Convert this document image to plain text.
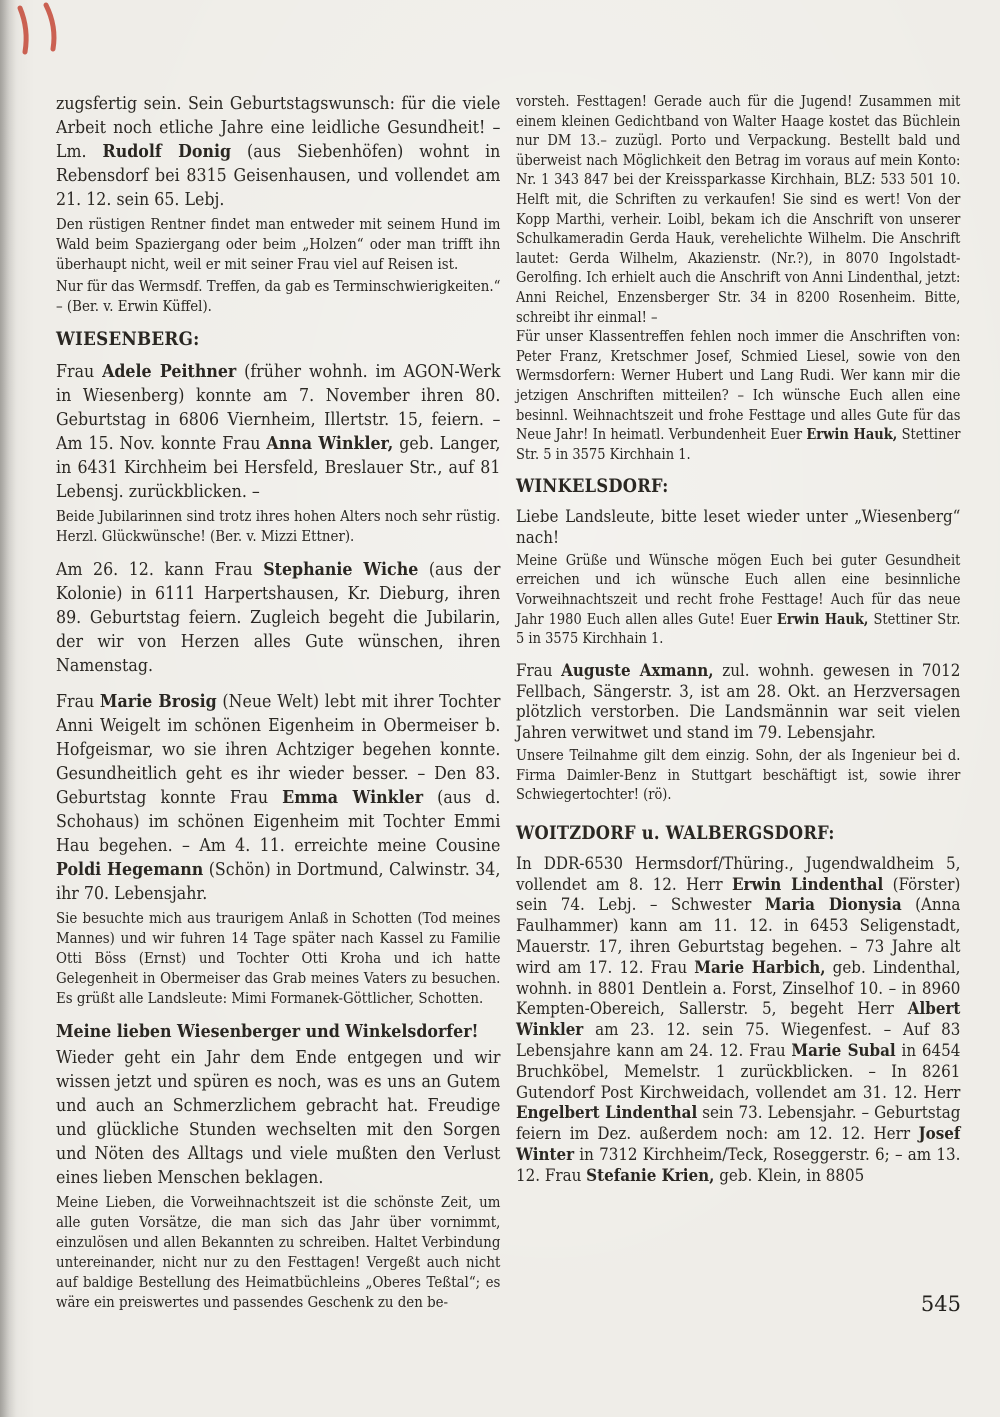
zugsfertig sein. Sein Geburtstagswunsch: für die viele Arbeit noch etliche Jahre eine leidliche Gesundheit! – Lm. Rudolf Donig (aus Siebenhöfen) wohnt in Rebensdorf bei 8315 Geisenhausen, und vollendet am 21. 12. sein 65. Lebj.

Den rüstigen Rentner findet man entweder mit seinem Hund im Wald beim Spaziergang oder beim „Holzen“ oder man trifft ihn überhaupt nicht, weil er mit seiner Frau viel auf Reisen ist.

Nur für das Wermsdf. Treffen, da gab es Terminschwierigkeiten.“ – (Ber. v. Erwin Küffel).

WIESENBERG:

Frau Adele Peithner (früher wohnh. im AGON-Werk in Wiesenberg) konnte am 7. November ihren 80. Geburtstag in 6806 Viernheim, Illertstr. 15, feiern. – Am 15. Nov. konnte Frau Anna Winkler, geb. Langer, in 6431 Kirchheim bei Hersfeld, Breslauer Str., auf 81 Lebensj. zurückblicken. –

Beide Jubilarinnen sind trotz ihres hohen Alters noch sehr rüstig. Herzl. Glückwünsche! (Ber. v. Mizzi Ettner).

Am 26. 12. kann Frau Stephanie Wiche (aus der Kolonie) in 6111 Harpertshausen, Kr. Dieburg, ihren 89. Geburtstag feiern. Zugleich begeht die Jubilarin, der wir von Herzen alles Gute wünschen, ihren Namenstag.

Frau Marie Brosig (Neue Welt) lebt mit ihrer Tochter Anni Weigelt im schönen Eigenheim in Obermeiser b. Hofgeismar, wo sie ihren Achtziger begehen konnte. Gesundheitlich geht es ihr wieder besser. – Den 83. Geburtstag konnte Frau Emma Winkler (aus d. Schohaus) im schönen Eigenheim mit Tochter Emmi Hau begehen. – Am 4. 11. erreichte meine Cousine Poldi Hegemann (Schön) in Dortmund, Calwinstr. 34, ihr 70. Lebensjahr.

Sie besuchte mich aus traurigem Anlaß in Schotten (Tod meines Mannes) und wir fuhren 14 Tage später nach Kassel zu Familie Otti Böss (Ernst) und Tochter Otti Kroha und ich hatte Gelegenheit in Obermeiser das Grab meines Vaters zu besuchen. Es grüßt alle Landsleute: Mimi Formanek-Göttlicher, Schotten.

Meine lieben Wiesenberger und Winkelsdorfer!

Wieder geht ein Jahr dem Ende entgegen und wir wissen jetzt und spüren es noch, was es uns an Gutem und auch an Schmerzlichem gebracht hat. Freudige und glückliche Stunden wechselten mit den Sorgen und Nöten des Alltags und viele mußten den Verlust eines lieben Menschen beklagen.

Meine Lieben, die Vorweihnachtszeit ist die schönste Zeit, um alle guten Vorsätze, die man sich das Jahr über vornimmt, einzulösen und allen Bekannten zu schreiben. Haltet Verbindung untereinander, nicht nur zu den Festtagen! Vergeßt auch nicht auf baldige Bestellung des Heimatbüchleins „Oberes Teßtal“; es wäre ein preiswertes und passendes Geschenk zu den be-

vorsteh. Festtagen! Gerade auch für die Jugend! Zusammen mit einem kleinen Gedichtband von Walter Haage kostet das Büchlein nur DM 13.– zuzügl. Porto und Verpackung. Bestellt bald und überweist nach Möglichkeit den Betrag im voraus auf mein Konto: Nr. 1 343 847 bei der Kreissparkasse Kirchhain, BLZ: 533 501 10. Helft mit, die Schriften zu verkaufen! Sie sind es wert! Von der Kopp Marthi, verheir. Loibl, bekam ich die Anschrift von unserer Schulkameradin Gerda Hauk, verehelichte Wilhelm. Die Anschrift lautet: Gerda Wilhelm, Akazienstr. (Nr.?), in 8070 Ingolstadt-Gerolfing. Ich erhielt auch die Anschrift von Anni Lindenthal, jetzt: Anni Reichel, Enzensberger Str. 34 in 8200 Rosenheim. Bitte, schreibt ihr einmal! –
Für unser Klassentreffen fehlen noch immer die Anschriften von: Peter Franz, Kretschmer Josef, Schmied Liesel, sowie von den Wermsdorfern: Werner Hubert und Lang Rudi. Wer kann mir die jetzigen Anschriften mitteilen? – Ich wünsche Euch allen eine besinnl. Weihnachtszeit und frohe Festtage und alles Gute für das Neue Jahr! In heimatl. Verbundenheit Euer Erwin Hauk, Stettiner Str. 5 in 3575 Kirchhain 1.

WINKELSDORF:

Liebe Landsleute, bitte leset wieder unter „Wiesenberg“ nach!

Meine Grüße und Wünsche mögen Euch bei guter Gesundheit erreichen und ich wünsche Euch allen eine besinnliche Vorweihnachtszeit und recht frohe Festtage! Auch für das neue Jahr 1980 Euch allen alles Gute! Euer Erwin Hauk, Stettiner Str. 5 in 3575 Kirchhain 1.

Frau Auguste Axmann, zul. wohnh. gewesen in 7012 Fellbach, Sängerstr. 3, ist am 28. Okt. an Herzversagen plötzlich verstorben. Die Landsmännin war seit vielen Jahren verwitwet und stand im 79. Lebensjahr.

Unsere Teilnahme gilt dem einzig. Sohn, der als Ingenieur bei d. Firma Daimler-Benz in Stuttgart beschäftigt ist, sowie ihrer Schwiegertochter! (rö).

WOITZDORF u. WALBERGSDORF:

In DDR-6530 Hermsdorf/Thüring., Jugendwaldheim 5, vollendet am 8. 12. Herr Erwin Lindenthal (Förster) sein 74. Lebj. – Schwester Maria Dionysia (Anna Faulhammer) kann am 11. 12. in 6453 Seligenstadt, Mauerstr. 17, ihren Geburtstag begehen. – 73 Jahre alt wird am 17. 12. Frau Marie Harbich, geb. Lindenthal, wohnh. in 8801 Dentlein a. Forst, Zinselhof 10. – in 8960 Kempten-Obereich, Sallerstr. 5, begeht Herr Albert Winkler am 23. 12. sein 75. Wiegenfest. – Auf 83 Lebensjahre kann am 24. 12. Frau Marie Subal in 6454 Bruchköbel, Memelstr. 1 zurückblicken. – In 8261 Gutendorf Post Kirchweidach, vollendet am 31. 12. Herr Engelbert Lindenthal sein 73. Lebensjahr. – Geburtstag feiern im Dez. außerdem noch: am 12. 12. Herr Josef Winter in 7312 Kirchheim/Teck, Roseggerstr. 6; – am 13. 12. Frau Stefanie Krien, geb. Klein, in 8805

545
